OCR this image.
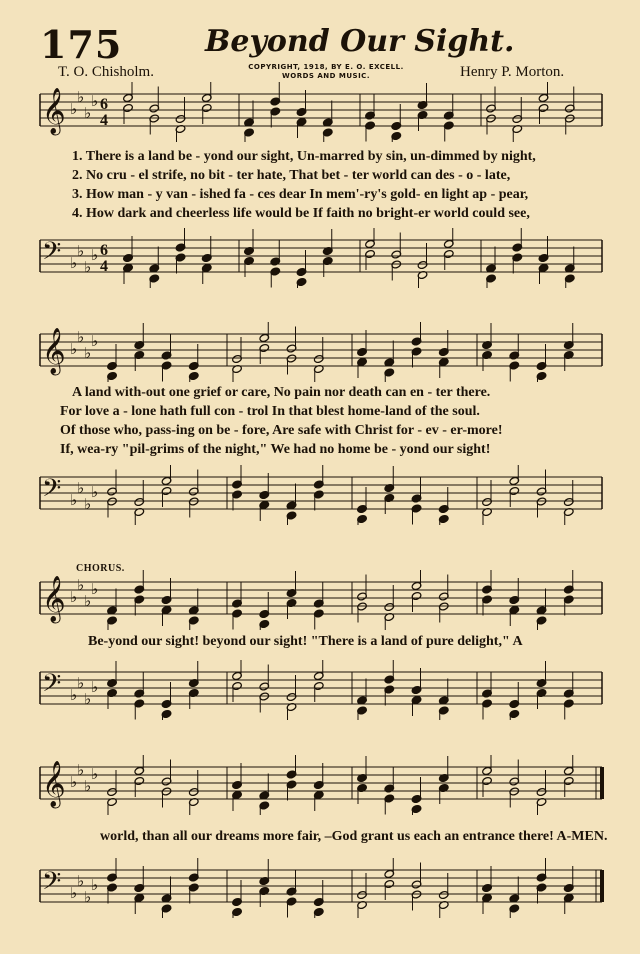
175	Beyond Our Sight.
T. O. Chisholm.	COPYRIGHT, 1918, BY E. O. EXCELL.
WORDS AND MUSIC.	Henry P. Morton.
𝄞 ♭
♭
♭
♭ 6
4
1. There is a land be - yond our sight, Un-marred by sin, un-dimmed by night,
2. No cru - el strife, no bit - ter hate, That bet - ter world can des - o - late,
3. How man - y van - ished fa - ces dear In mem'-ry's gold- en light ap - pear,
4. How dark and cheerless life would be If faith no bright-er world could see,
𝄢 ♭
♭
♭
♭ 6
4
𝄞 ♭
♭
♭
♭
A land with-out one grief or care, No pain nor death can en - ter there.
For love a - lone hath full con - trol In that blest home-land of the soul.
Of those who, pass-ing on be - fore, Are safe with Christ for - ev - er-more!
If, wea-ry "pil-grims of the night," We had no home be - yond our sight!
𝄢 ♭
♭
♭
♭
CHORUS.
𝄞 ♭
♭
♭
♭
Be-yond our sight! beyond our sight! "There is a land of pure delight," A
𝄢 ♭
♭
♭
♭
𝄞 ♭
♭
♭
♭
world, than all our dreams more fair, –God grant us each an entrance there! A-MEN.
𝄢 ♭
♭
♭
♭
